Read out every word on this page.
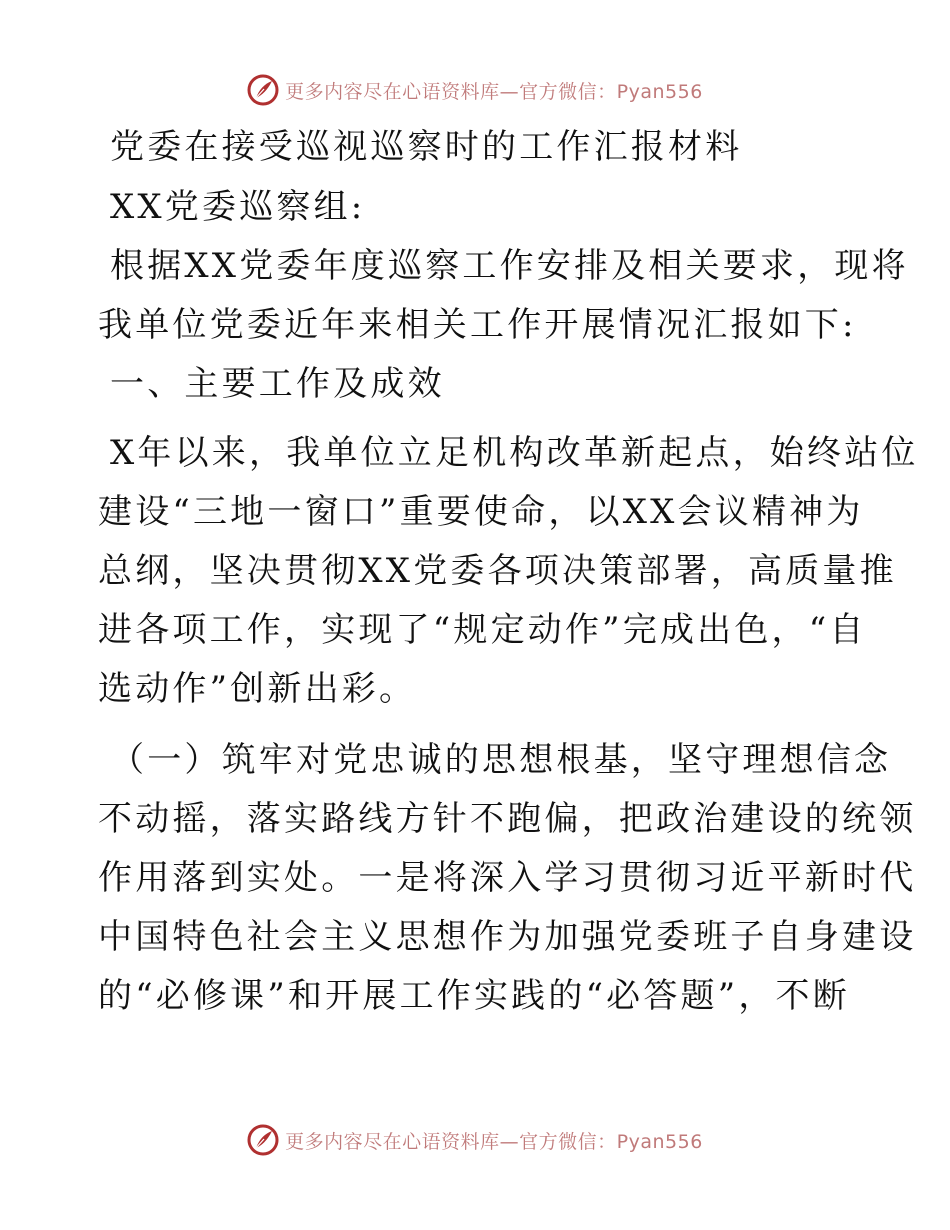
更多内容尽在心语资料库—官方微信：Pyan556
党委在接受巡视巡察时的工作汇报材料
XX党委巡察组:
根据XX党委年度巡察工作安排及相关要求，现将
我单位党委近年来相关工作开展情况汇报如下:
一、主要工作及成效
X年以来，我单位立足机构改革新起点，始终站位
建设“三地一窗口”重要使命，以XX会议精神为
总纲，坚决贯彻XX党委各项决策部署，高质量推
进各项工作，实现了“规定动作”完成出色，“自
选动作”创新出彩。
（一）筑牢对党忠诚的思想根基，坚守理想信念
不动摇，落实路线方针不跑偏，把政治建设的统领
作用落到实处。一是将深入学习贯彻习近平新时代
中国特色社会主义思想作为加强党委班子自身建设
的“必修课”和开展工作实践的“必答题”，不断
更多内容尽在心语资料库—官方微信：Pyan556
